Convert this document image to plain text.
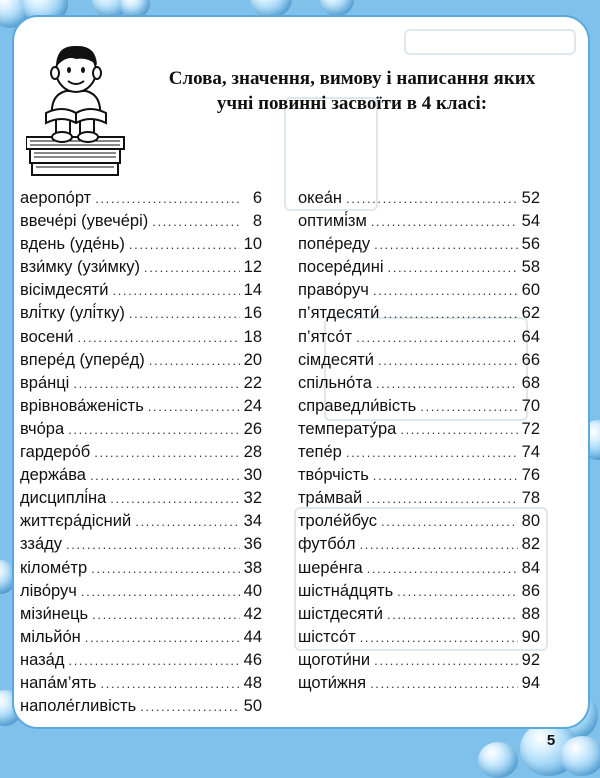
Слова, значення, вимову і написання яких
учні повинні засвоїти в 4 класі:
аеропо́рт . . .	6
ввече́рі (увече́рі) . . .	8
вдень (уде́нь) . . .	10
взи́мку (узи́мку) . . .	12
вісімдесяти́ . . .	14
влі́тку (улі́тку) . . .	16
восени́ . . .	18
впере́д (упере́д) . . .	20
вра́нці . . .	22
врівнова́женість . . .	24
вчо́ра . . .	26
гардеро́б . . .	28
держа́ва . . .	30
дисциплі́на . . .	32
життєра́дісний . . .	34
зза́ду . . .	36
кіломе́тр . . .	38
ліво́руч . . .	40
мізи́нець . . .	42
мільйо́н . . .	44
наза́д . . .	46
напа́м’ять . . .	48
наполе́гливість . . .	50
океа́н . . .	52
оптимі́зм . . .	54
попе́реду . . .	56
посере́дині . . .	58
право́руч . . .	60
п’ятдесяти́ . . .	62
п’ятсо́т . . .	64
сімдесяти́ . . .	66
спільно́та . . .	68
справедли́вість . . .	70
температу́ра . . .	72
тепе́р . . .	74
тво́рчість . . .	76
тра́мвай . . .	78
троле́йбус . . .	80
футбо́л . . .	82
шере́нга . . .	84
шістна́дцять . . .	86
шістдесяти́ . . .	88
шістсо́т . . .	90
щоготи́ни . . .	92
щоти́жня . . .	94
5
